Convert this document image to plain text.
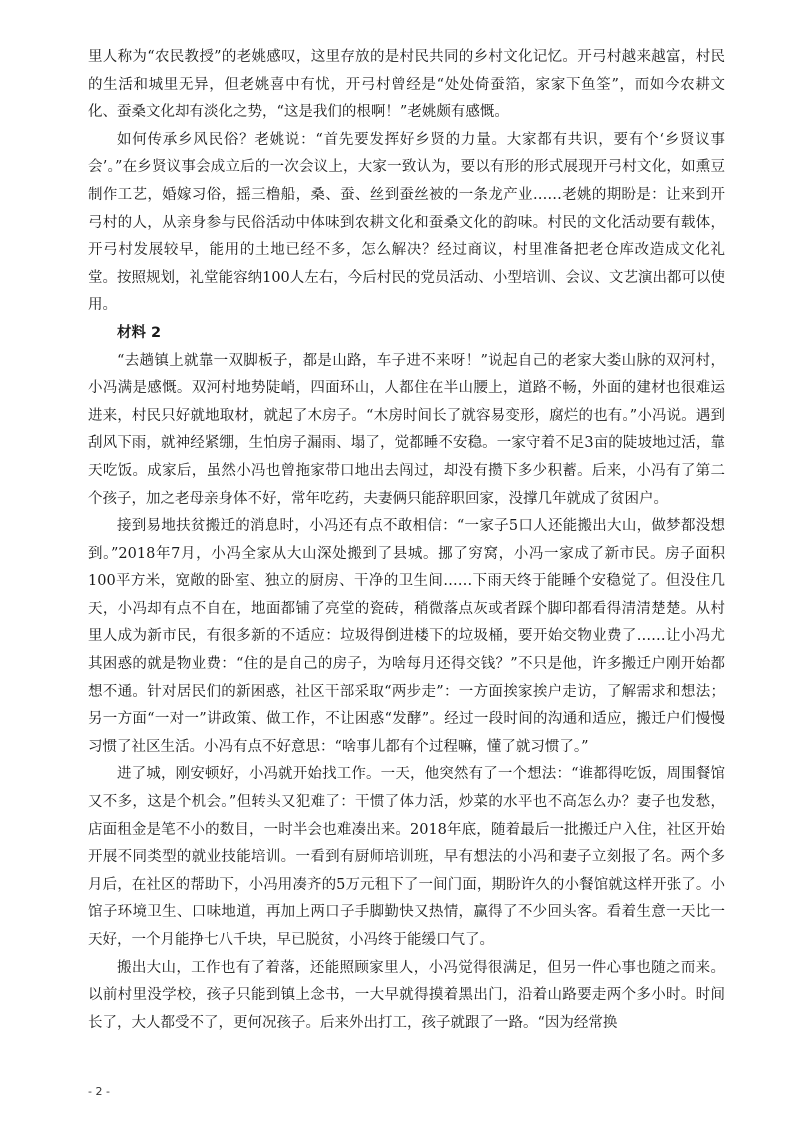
里人称为“农民教授”的老姚感叹，这里存放的是村民共同的乡村文化记忆。开弓村越来越富，村民的生活和城里无异，但老姚喜中有忧，开弓村曾经是“处处倚蚕箔，家家下鱼筌”，而如今农耕文化、蚕桑文化却有淡化之势，“这是我们的根啊！”老姚颇有感慨。

如何传承乡风民俗？老姚说：“首先要发挥好乡贤的力量。大家都有共识，要有个‘乡贤议事会’。”在乡贤议事会成立后的一次会议上，大家一致认为，要以有形的形式展现开弓村文化，如熏豆制作工艺，婚嫁习俗，摇三橹船，桑、蚕、丝到蚕丝被的一条龙产业……老姚的期盼是：让来到开弓村的人，从亲身参与民俗活动中体味到农耕文化和蚕桑文化的韵味。村民的文化活动要有载体，开弓村发展较早，能用的土地已经不多，怎么解决？经过商议，村里准备把老仓库改造成文化礼堂。按照规划，礼堂能容纳100人左右，今后村民的党员活动、小型培训、会议、文艺演出都可以使用。

材料 2

“去趟镇上就靠一双脚板子，都是山路，车子进不来呀！”说起自己的老家大娄山脉的双河村，小冯满是感慨。双河村地势陡峭，四面环山，人都住在半山腰上，道路不畅，外面的建材也很难运进来，村民只好就地取材，就起了木房子。“木房时间长了就容易变形，腐烂的也有。”小冯说。遇到刮风下雨，就神经紧绷，生怕房子漏雨、塌了，觉都睡不安稳。一家守着不足3亩的陡坡地过活，靠天吃饭。成家后，虽然小冯也曾拖家带口地出去闯过，却没有攒下多少积蓄。后来，小冯有了第二个孩子，加之老母亲身体不好，常年吃药，夫妻俩只能辞职回家，没撑几年就成了贫困户。

接到易地扶贫搬迁的消息时，小冯还有点不敢相信：“一家子5口人还能搬出大山，做梦都没想到。”2018年7月，小冯全家从大山深处搬到了县城。挪了穷窝，小冯一家成了新市民。房子面积100平方米，宽敞的卧室、独立的厨房、干净的卫生间……下雨天终于能睡个安稳觉了。但没住几天，小冯却有点不自在，地面都铺了亮堂的瓷砖，稍微落点灰或者踩个脚印都看得清清楚楚。从村里人成为新市民，有很多新的不适应：垃圾得倒进楼下的垃圾桶，要开始交物业费了……让小冯尤其困惑的就是物业费：“住的是自己的房子，为啥每月还得交钱？”不只是他，许多搬迁户刚开始都想不通。针对居民们的新困惑，社区干部采取“两步走”：一方面挨家挨户走访，了解需求和想法；另一方面“一对一”讲政策、做工作，不让困惑“发酵”。经过一段时间的沟通和适应，搬迁户们慢慢习惯了社区生活。小冯有点不好意思：“啥事儿都有个过程嘛，懂了就习惯了。”

进了城，刚安顿好，小冯就开始找工作。一天，他突然有了一个想法：“谁都得吃饭，周围餐馆又不多，这是个机会。”但转头又犯难了：干惯了体力活，炒菜的水平也不高怎么办？妻子也发愁，店面租金是笔不小的数目，一时半会也难凑出来。2018年底，随着最后一批搬迁户入住，社区开始开展不同类型的就业技能培训。一看到有厨师培训班，早有想法的小冯和妻子立刻报了名。两个多月后，在社区的帮助下，小冯用凑齐的5万元租下了一间门面，期盼许久的小餐馆就这样开张了。小馆子环境卫生、口味地道，再加上两口子手脚勤快又热情，赢得了不少回头客。看着生意一天比一天好，一个月能挣七八千块，早已脱贫，小冯终于能缓口气了。

搬出大山，工作也有了着落，还能照顾家里人，小冯觉得很满足，但另一件心事也随之而来。以前村里没学校，孩子只能到镇上念书，一大早就得摸着黑出门，沿着山路要走两个多小时。时间长了，大人都受不了，更何况孩子。后来外出打工，孩子就跟了一路。“因为经常换

- 2 -
